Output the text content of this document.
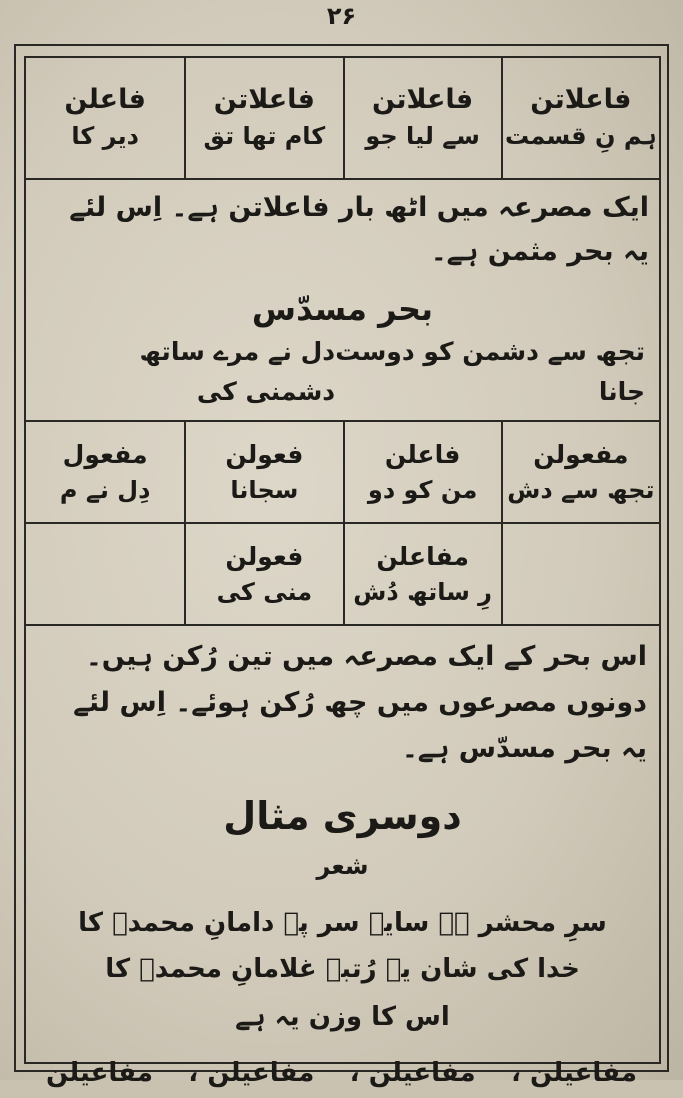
۲۶
فاعلاتن
ہم نِ قسمت
فاعلاتن
سے لیا جو
فاعلاتن
کام تھا تق
فاعلن
دیر کا
ایک مصرعہ میں اٹھ بار فاعلاتن ہے۔ اِس لئے یہ بحر مثمن ہے۔
بحر مسدّس
تجھ سے دشمن کو دوست جانا
دل نے مرے ساتھ دشمنی کی
مفعولن
تجھ سے دش
فاعلن
من کو دو
فعولن
سجانا
مفعول
دِل نے م
مفاعلن
رِ ساتھ دُش
فعولن
منی کی
اس بحر کے ایک مصرعہ میں تین رُکن ہیں۔ دونوں مصرعوں میں چھ رُکن ہوئے۔ اِس لئے یہ بحر مسدّس ہے۔
دوسری مثال
شعر
سرِ محشر ہے سایہ سر پہ دامانِ محمدؐ کا
خدا کی شان یہ رُتبہ غلامانِ محمدؐ کا
اس کا وزن یہ ہے
مفاعیلن ،
مفاعیلن ،
مفاعیلن ،
مفاعیلن
